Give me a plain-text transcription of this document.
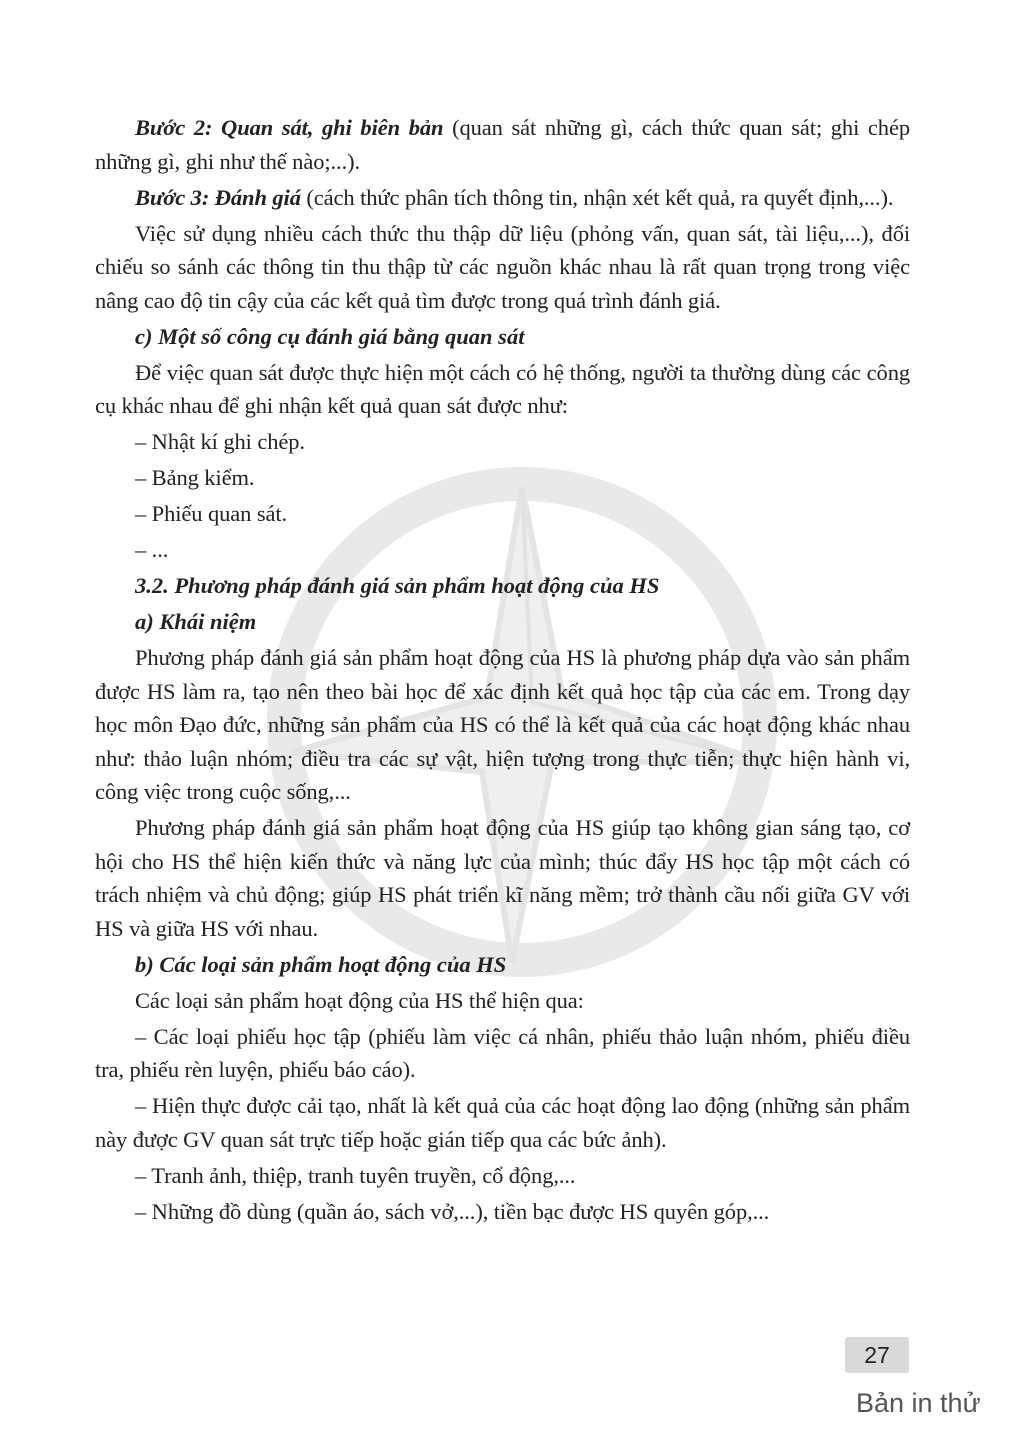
Bước 2: Quan sát, ghi biên bản (quan sát những gì, cách thức quan sát; ghi chép những gì, ghi như thế nào;...).

Bước 3: Đánh giá (cách thức phân tích thông tin, nhận xét kết quả, ra quyết định,...).

Việc sử dụng nhiều cách thức thu thập dữ liệu (phỏng vấn, quan sát, tài liệu,...), đối chiếu so sánh các thông tin thu thập từ các nguồn khác nhau là rất quan trọng trong việc nâng cao độ tin cậy của các kết quả tìm được trong quá trình đánh giá.

c) Một số công cụ đánh giá bằng quan sát

Để việc quan sát được thực hiện một cách có hệ thống, người ta thường dùng các công cụ khác nhau để ghi nhận kết quả quan sát được như:

– Nhật kí ghi chép.

– Bảng kiểm.

– Phiếu quan sát.

– ...

3.2. Phương pháp đánh giá sản phẩm hoạt động của HS

a) Khái niệm

Phương pháp đánh giá sản phẩm hoạt động của HS là phương pháp dựa vào sản phẩm được HS làm ra, tạo nên theo bài học để xác định kết quả học tập của các em. Trong dạy học môn Đạo đức, những sản phẩm của HS có thể là kết quả của các hoạt động khác nhau như: thảo luận nhóm; điều tra các sự vật, hiện tượng trong thực tiễn; thực hiện hành vi, công việc trong cuộc sống,...

Phương pháp đánh giá sản phẩm hoạt động của HS giúp tạo không gian sáng tạo, cơ hội cho HS thể hiện kiến thức và năng lực của mình; thúc đẩy HS học tập một cách có trách nhiệm và chủ động; giúp HS phát triển kĩ năng mềm; trở thành cầu nối giữa GV với HS và giữa HS với nhau.

b) Các loại sản phẩm hoạt động của HS

Các loại sản phẩm hoạt động của HS thể hiện qua:

– Các loại phiếu học tập (phiếu làm việc cá nhân, phiếu thảo luận nhóm, phiếu điều tra, phiếu rèn luyện, phiếu báo cáo).

– Hiện thực được cải tạo, nhất là kết quả của các hoạt động lao động (những sản phẩm này được GV quan sát trực tiếp hoặc gián tiếp qua các bức ảnh).

– Tranh ảnh, thiệp, tranh tuyên truyền, cổ động,...

– Những đồ dùng (quần áo, sách vở,...), tiền bạc được HS quyên góp,...

27
Bản in thử
